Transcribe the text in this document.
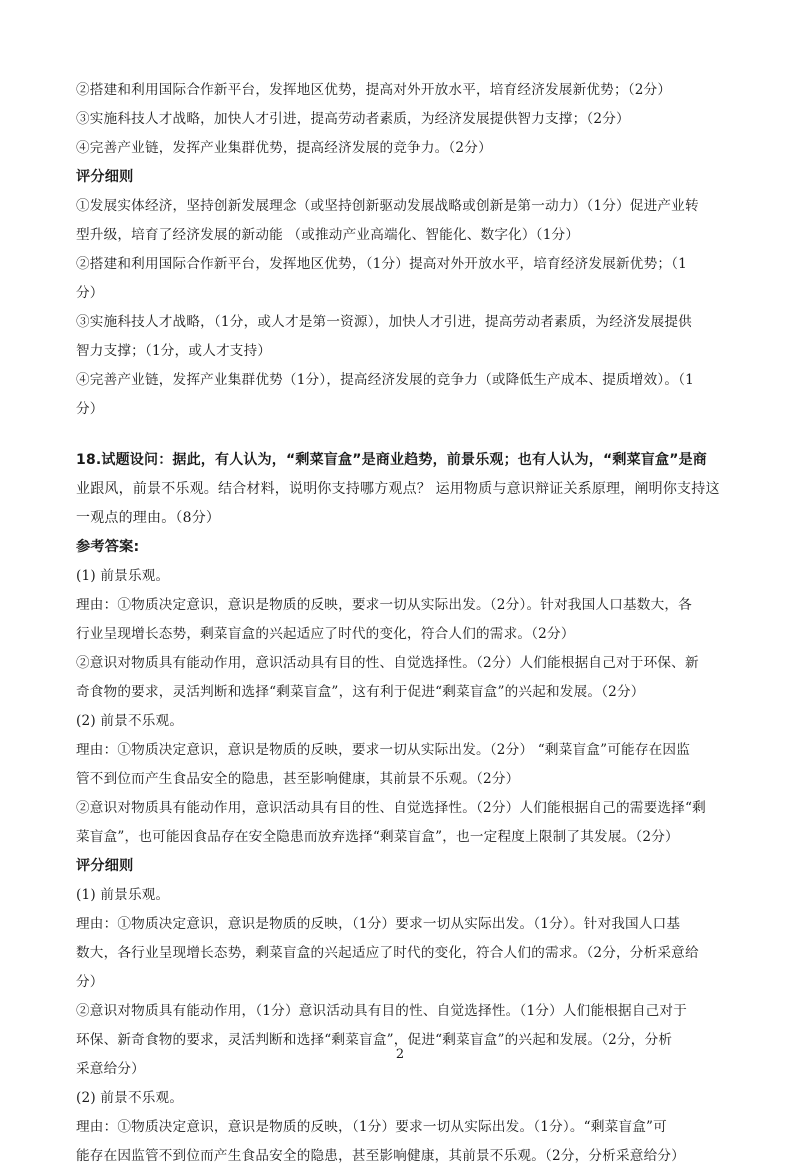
②搭建和利用国际合作新平台，发挥地区优势，提高对外开放水平，培育经济发展新优势；（2分）
③实施科技人才战略，加快人才引进，提高劳动者素质，为经济发展提供智力支撑；（2分）
④完善产业链，发挥产业集群优势，提高经济发展的竞争力。（2分）
评分细则
①发展实体经济，坚持创新发展理念（或坚持创新驱动发展战略或创新是第一动力）（1分）促进产业转
型升级，培育了经济发展的新动能 （或推动产业高端化、智能化、数字化）（1分）
②搭建和利用国际合作新平台，发挥地区优势，（1分）提高对外开放水平，培育经济发展新优势；（1
分）
③实施科技人才战略，（1分，或人才是第一资源），加快人才引进，提高劳动者素质，为经济发展提供
智力支撑；（1分，或人才支持）
④完善产业链，发挥产业集群优势（1分），提高经济发展的竞争力（或降低生产成本、提质增效）。（1
分）
18.试题设问：据此，有人认为，“剩菜盲盒”是商业趋势，前景乐观；也有人认为，“剩菜盲盒”是商
业跟风，前景不乐观。结合材料，说明你支持哪方观点？ 运用物质与意识辩证关系原理，阐明你支持这
一观点的理由。（8分）
参考答案:
(1) 前景乐观。
理由：①物质决定意识，意识是物质的反映，要求一切从实际出发。（2分）。针对我国人口基数大，各
行业呈现增长态势，剩菜盲盒的兴起适应了时代的变化，符合人们的需求。（2分）
②意识对物质具有能动作用，意识活动具有目的性、自觉选择性。（2分）人们能根据自己对于环保、新
奇食物的要求，灵活判断和选择“剩菜盲盒”，这有利于促进“剩菜盲盒”的兴起和发展。（2分）
(2) 前景不乐观。
理由：①物质决定意识，意识是物质的反映，要求一切从实际出发。（2分） “剩菜盲盒”可能存在因监
管不到位而产生食品安全的隐患，甚至影响健康，其前景不乐观。（2分）
②意识对物质具有能动作用，意识活动具有目的性、自觉选择性。（2分）人们能根据自己的需要选择“剩
菜盲盒”，也可能因食品存在安全隐患而放弃选择“剩菜盲盒”，也一定程度上限制了其发展。（2分）
评分细则
(1) 前景乐观。
理由：①物质决定意识，意识是物质的反映，（1分）要求一切从实际出发。（1分）。针对我国人口基
数大，各行业呈现增长态势，剩菜盲盒的兴起适应了时代的变化，符合人们的需求。（2分，分析采意给
分）
②意识对物质具有能动作用，（1分）意识活动具有目的性、自觉选择性。（1分）人们能根据自己对于
环保、新奇食物的要求，灵活判断和选择“剩菜盲盒”，促进“剩菜盲盒”的兴起和发展。（2分，分析
采意给分）
(2) 前景不乐观。
理由：①物质决定意识，意识是物质的反映，（1分）要求一切从实际出发。（1分）。“剩菜盲盒”可
能存在因监管不到位而产生食品安全的隐患，甚至影响健康，其前景不乐观。（2分，分析采意给分）
2
